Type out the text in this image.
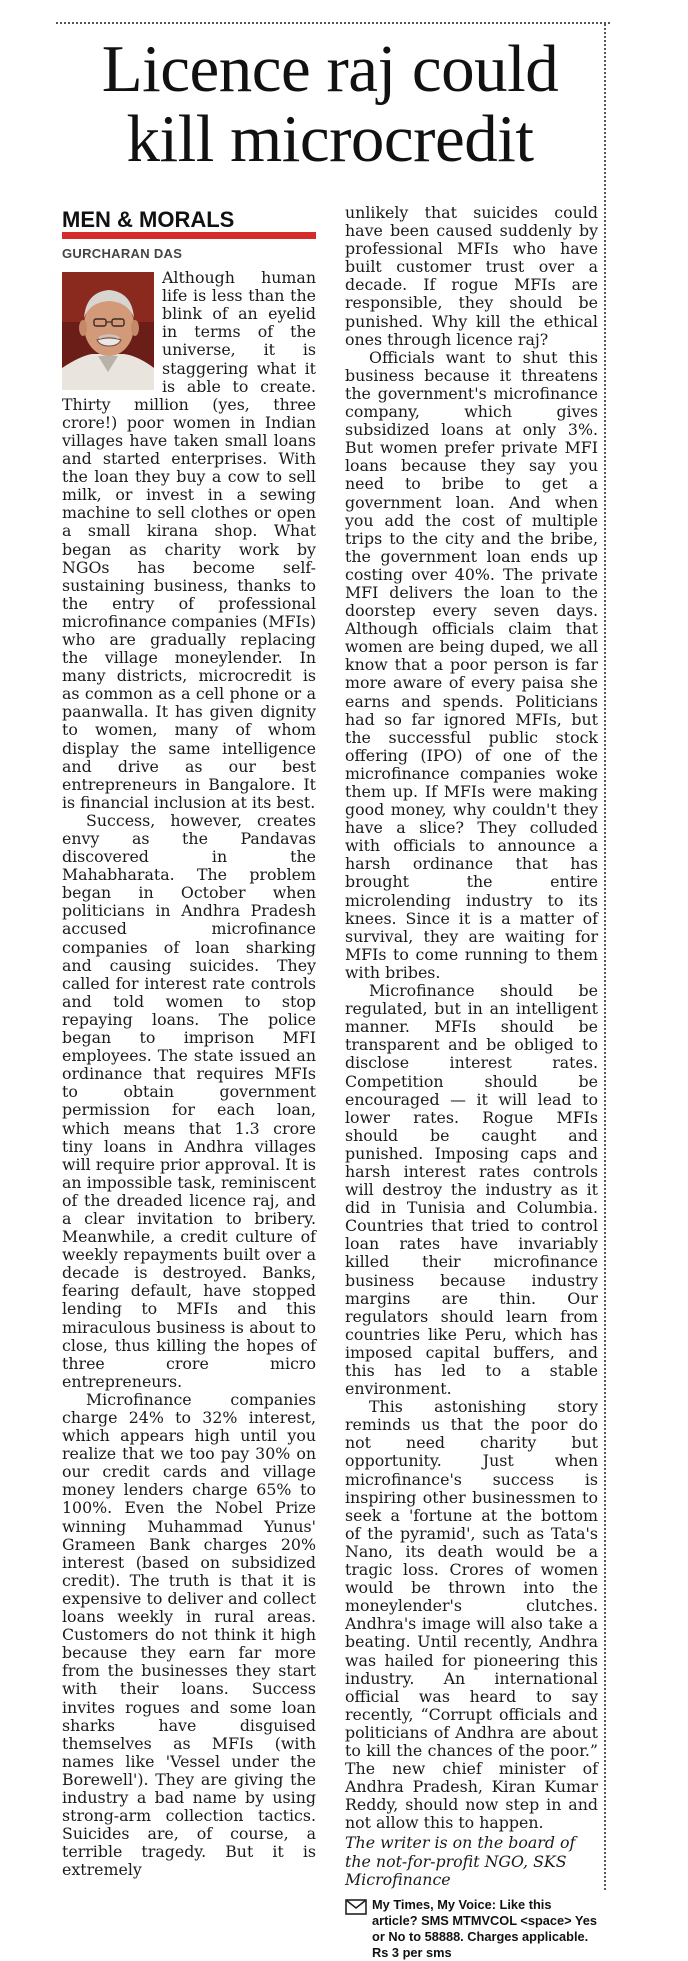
Licence raj could kill microcredit
MEN & MORALS
GURCHARAN DAS

Although human life is less than the blink of an eyelid in terms of the universe, it is staggering what it is able to create. Thirty million (yes, three crore!) poor women in Indian villages have taken small loans and started enterprises. With the loan they buy a cow to sell milk, or invest in a sewing machine to sell clothes or open a small kirana shop. What began as charity work by NGOs has become self-sustaining business, thanks to the entry of professional microfinance companies (MFIs) who are gradually replacing the village moneylender. In many districts, microcredit is as common as a cell phone or a paanwalla. It has given dignity to women, many of whom display the same intelligence and drive as our best entrepreneurs in Bangalore. It is financial inclusion at its best.

Success, however, creates envy as the Pandavas discovered in the Mahabharata. The problem began in October when politicians in Andhra Pradesh accused microfinance companies of loan sharking and causing suicides. They called for interest rate controls and told women to stop repaying loans. The police began to imprison MFI employees. The state issued an ordinance that requires MFIs to obtain government permission for each loan, which means that 1.3 crore tiny loans in Andhra villages will require prior approval. It is an impossible task, reminiscent of the dreaded licence raj, and a clear invitation to bribery. Meanwhile, a credit culture of weekly repayments built over a decade is destroyed. Banks, fearing default, have stopped lending to MFIs and this miraculous business is about to close, thus killing the hopes of three crore micro entrepreneurs.

Microfinance companies charge 24% to 32% interest, which appears high until you realize that we too pay 30% on our credit cards and village money lenders charge 65% to 100%. Even the Nobel Prize winning Muhammad Yunus' Grameen Bank charges 20% interest (based on subsidized credit). The truth is that it is expensive to deliver and collect loans weekly in rural areas. Customers do not think it high because they earn far more from the businesses they start with their loans. Success invites rogues and some loan sharks have disguised themselves as MFIs (with names like 'Vessel under the Borewell'). They are giving the industry a bad name by using strong-arm collection tactics. Suicides are, of course, a terrible tragedy. But it is extremely

unlikely that suicides could have been caused suddenly by professional MFIs who have built customer trust over a decade. If rogue MFIs are responsible, they should be punished. Why kill the ethical ones through licence raj?

Officials want to shut this business because it threatens the government's microfinance company, which gives subsidized loans at only 3%. But women prefer private MFI loans because they say you need to bribe to get a government loan. And when you add the cost of multiple trips to the city and the bribe, the government loan ends up costing over 40%. The private MFI delivers the loan to the doorstep every seven days. Although officials claim that women are being duped, we all know that a poor person is far more aware of every paisa she earns and spends. Politicians had so far ignored MFIs, but the successful public stock offering (IPO) of one of the microfinance companies woke them up. If MFIs were making good money, why couldn't they have a slice? They colluded with officials to announce a harsh ordinance that has brought the entire microlending industry to its knees. Since it is a matter of survival, they are waiting for MFIs to come running to them with bribes.

Microfinance should be regulated, but in an intelligent manner. MFIs should be transparent and be obliged to disclose interest rates. Competition should be encouraged — it will lead to lower rates. Rogue MFIs should be caught and punished. Imposing caps and harsh interest rates controls will destroy the industry as it did in Tunisia and Columbia. Countries that tried to control loan rates have invariably killed their microfinance business because industry margins are thin. Our regulators should learn from countries like Peru, which has imposed capital buffers, and this has led to a stable environment.

This astonishing story reminds us that the poor do not need charity but opportunity. Just when microfinance's success is inspiring other businessmen to seek a 'fortune at the bottom of the pyramid', such as Tata's Nano, its death would be a tragic loss. Crores of women would be thrown into the moneylender's clutches. Andhra's image will also take a beating. Until recently, Andhra was hailed for pioneering this industry. An international official was heard to say recently, “Corrupt officials and politicians of Andhra are about to kill the chances of the poor.” The new chief minister of Andhra Pradesh, Kiran Kumar Reddy, should now step in and not allow this to happen.

The writer is on the board of the not-for-profit NGO, SKS Microfinance

My Times, My Voice: Like this article? SMS MTMVCOL <space> Yes or No to 58888. Charges applicable. Rs 3 per sms
